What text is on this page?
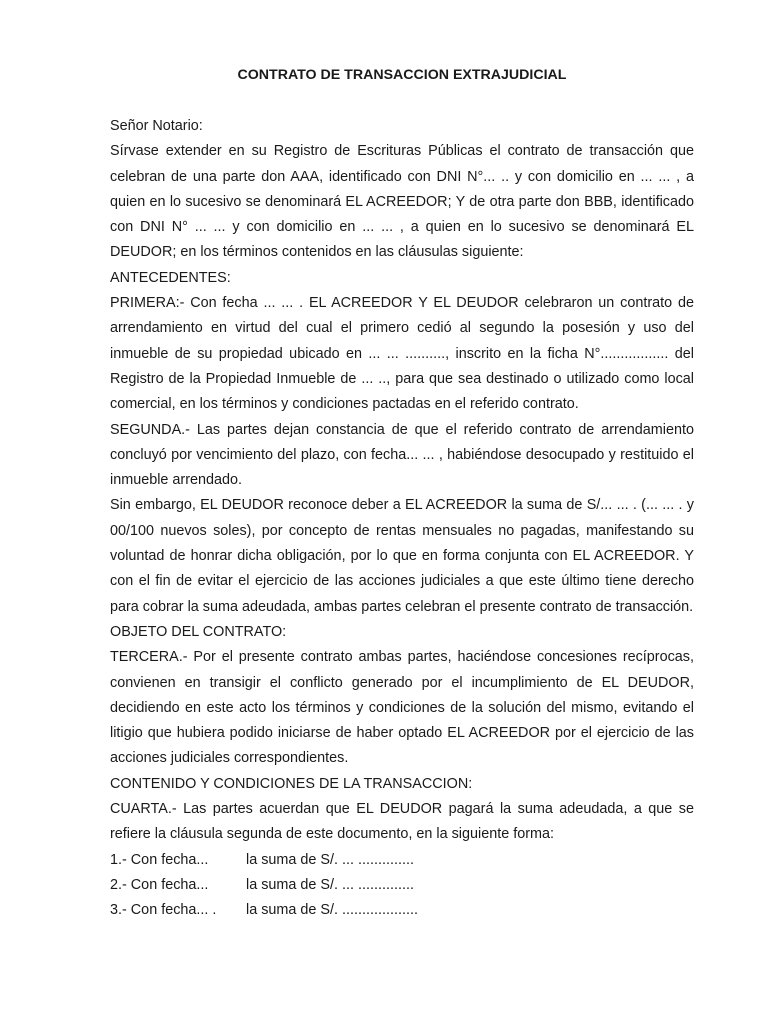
CONTRATO DE TRANSACCION EXTRAJUDICIAL

Señor Notario:

Sírvase extender en su Registro de Escrituras Públicas el contrato de transacción que celebran de una parte don AAA, identificado con DNI N°... .. y con domicilio en ... ... , a quien en lo sucesivo se denominará EL ACREEDOR; Y de otra parte don BBB, identificado con DNI N° ... ... y con domicilio en ... ... , a quien en lo sucesivo se denominará EL DEUDOR; en los términos contenidos en las cláusulas siguiente:

ANTECEDENTES:

PRIMERA:- Con fecha ... ... . EL ACREEDOR Y EL DEUDOR celebraron un contrato de arrendamiento en virtud del cual el primero cedió al segundo la posesión y uso del inmueble de su propiedad ubicado en ... ... .........., inscrito en la ficha N°................. del Registro de la Propiedad Inmueble de ... .., para que sea destinado o utilizado como local comercial, en los términos y condiciones pactadas en el referido contrato.

SEGUNDA.- Las partes dejan constancia de que el referido contrato de arrendamiento concluyó por vencimiento del plazo, con fecha... ... , habiéndose desocupado y restituido el inmueble arrendado.

Sin embargo, EL DEUDOR reconoce deber a EL ACREEDOR la suma de S/... ... . (... ... . y 00/100 nuevos soles), por concepto de rentas mensuales no pagadas, manifestando su voluntad de honrar dicha obligación, por lo que en forma conjunta con EL ACREEDOR. Y con el fin de evitar el ejercicio de las acciones judiciales a que este último tiene derecho para cobrar la suma adeudada, ambas partes celebran el presente contrato de transacción.

OBJETO DEL CONTRATO:

TERCERA.- Por el presente contrato ambas partes, haciéndose concesiones recíprocas, convienen en transigir el conflicto generado por el incumplimiento de EL DEUDOR, decidiendo en este acto los términos y condiciones de la solución del mismo, evitando el litigio que hubiera podido iniciarse de haber optado EL ACREEDOR por el ejercicio de las acciones judiciales correspondientes.

CONTENIDO Y CONDICIONES DE LA TRANSACCION:

CUARTA.- Las partes acuerdan que EL DEUDOR pagará la suma adeudada, a que se refiere la cláusula segunda de este documento, en la siguiente forma:

1.- Con fecha...	la suma de S/. ... ..............
2.- Con fecha...	la suma de S/. ... ..............
3.- Con fecha... .	la suma de S/. ...................
